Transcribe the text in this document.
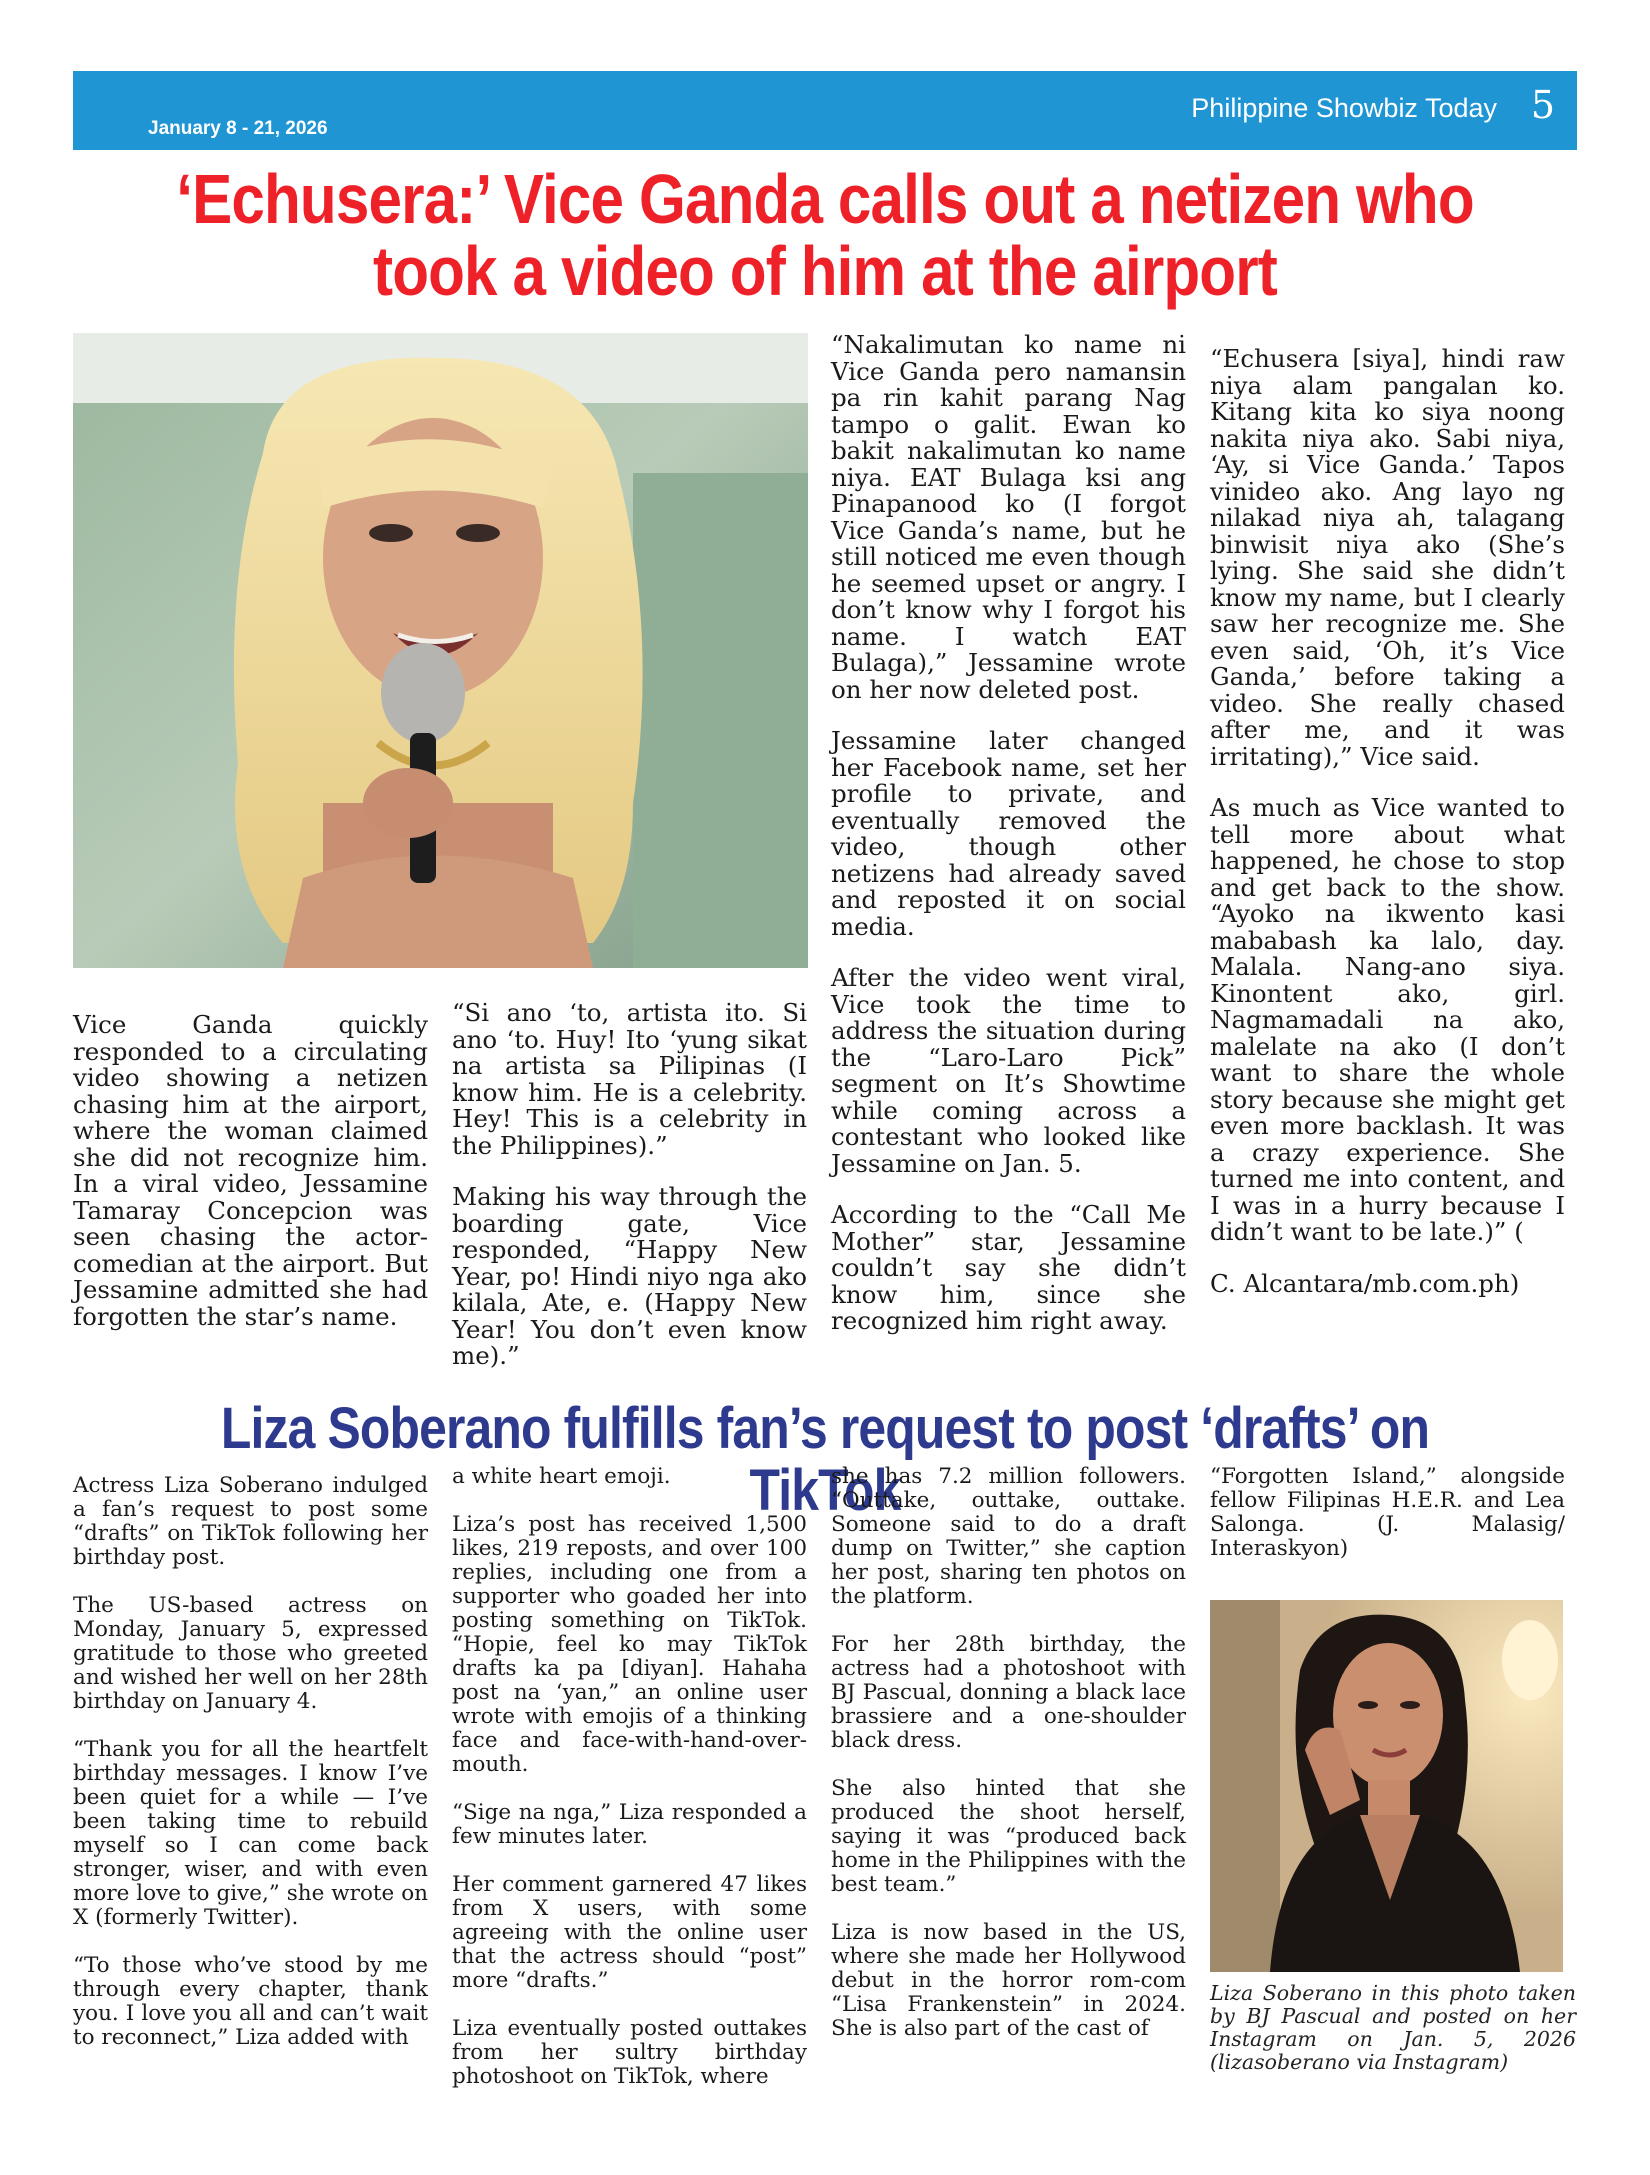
January 8 - 21, 2026
Philippine Showbiz Today 5
‘Echusera:’ Vice Ganda calls out a netizen who took a video of him at the airport

Vice Ganda quickly responded to a circulating video showing a netizen chasing him at the airport, where the woman claimed she did not recognize him. In a viral video, Jessamine Tamaray Concepcion was seen chasing the actor-comedian at the airport. But Jessamine admitted she had forgotten the star’s name.

“Si ano ‘to, artista ito. Si ano ‘to. Huy! Ito ‘yung sikat na artista sa Pilipinas (I know him. He is a celebrity. Hey! This is a celebrity in the Philippines).”

Making his way through the boarding gate, Vice responded, “Happy New Year, po! Hindi niyo nga ako kilala, Ate, e. (Happy New Year! You don’t even know me).”

“Nakalimutan ko name ni Vice Ganda pero namansin pa rin kahit parang Nag tampo o galit. Ewan ko bakit nakalimutan ko name niya. EAT Bulaga ksi ang Pinapanood ko (I forgot Vice Ganda’s name, but he still noticed me even though he seemed upset or angry. I don’t know why I forgot his name. I watch EAT Bulaga),” Jessamine wrote on her now deleted post.

Jessamine later changed her Facebook name, set her profile to private, and eventually removed the video, though other netizens had already saved and reposted it on social media.

After the video went viral, Vice took the time to address the situation during the “Laro-Laro Pick” segment on It’s Showtime while coming across a contestant who looked like Jessamine on Jan. 5.

According to the “Call Me Mother” star, Jessamine couldn’t say she didn’t know him, since she recognized him right away.

“Echusera [siya], hindi raw niya alam pangalan ko. Kitang kita ko siya noong nakita niya ako. Sabi niya, ‘Ay, si Vice Ganda.’ Tapos vinideo ako. Ang layo ng nilakad niya ah, talagang binwisit niya ako (She’s lying. She said she didn’t know my name, but I clearly saw her recognize me. She even said, ‘Oh, it’s Vice Ganda,’ before taking a video. She really chased after me, and it was irritating),” Vice said.

As much as Vice wanted to tell more about what happened, he chose to stop and get back to the show. “Ayoko na ikwento kasi mababash ka lalo, day. Malala. Nang-ano siya. Kinontent ako, girl. Nagmamadali na ako, malelate na ako (I don’t want to share the whole story because she might get even more backlash. It was a crazy experience. She turned me into content, and I was in a hurry because I didn’t want to be late.)” (

C. Alcantara/mb.com.ph)

Liza Soberano fulfills fan’s request to post ‘drafts’ on TikTok

Actress Liza Soberano indulged a fan’s request to post some “drafts” on TikTok following her birthday post.

The US-based actress on Monday, January 5, expressed gratitude to those who greeted and wished her well on her 28th birthday on January 4.

“Thank you for all the heartfelt birthday messages. I know I’ve been quiet for a while — I’ve been taking time to rebuild myself so I can come back stronger, wiser, and with even more love to give,” she wrote on X (formerly Twitter).

“To those who’ve stood by me through every chapter, thank you. I love you all and can’t wait to reconnect,” Liza added with

a white heart emoji.

Liza’s post has received 1,500 likes, 219 reposts, and over 100 replies, including one from a supporter who goaded her into posting something on TikTok. “Hopie, feel ko may TikTok drafts ka pa [diyan]. Hahaha post na ‘yan,” an online user wrote with emojis of a thinking face and face-with-hand-over-mouth.

“Sige na nga,” Liza responded a few minutes later.

Her comment garnered 47 likes from X users, with some agreeing with the online user that the actress should “post” more “drafts.”

Liza eventually posted outtakes from her sultry birthday photoshoot on TikTok, where

she has 7.2 million followers. “Outtake, outtake, outtake. Someone said to do a draft dump on Twitter,” she caption her post, sharing ten photos on the platform.

For her 28th birthday, the actress had a photoshoot with BJ Pascual, donning a black lace brassiere and a one-shoulder black dress.

She also hinted that she produced the shoot herself, saying it was “produced back home in the Philippines with the best team.”

Liza is now based in the US, where she made her Hollywood debut in the horror rom-com “Lisa Frankenstein” in 2024. She is also part of the cast of

“Forgotten Island,” alongside fellow Filipinas H.E.R. and Lea Salonga. (J. Malasig/ Interaskyon)

Liza Soberano in this photo taken by BJ Pascual and posted on her Instagram on Jan. 5, 2026 (lizasoberano via Instagram)
